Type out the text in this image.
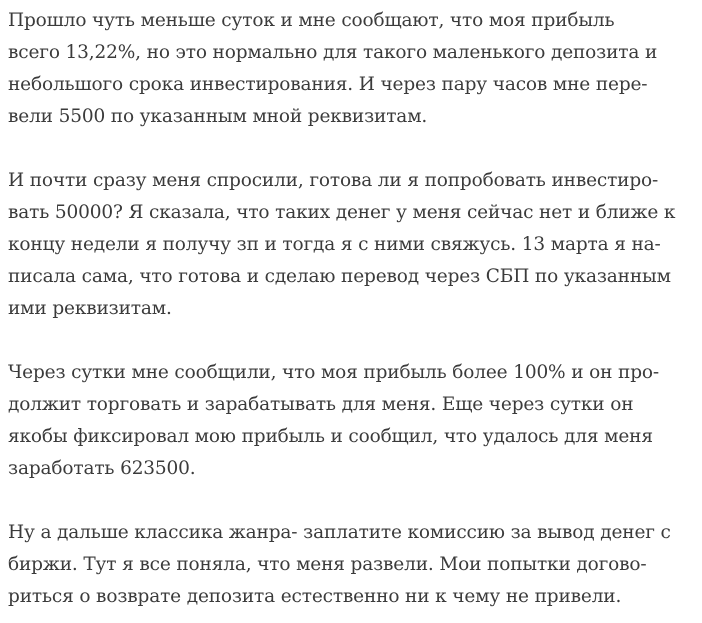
Прошло чуть меньше суток и мне сообщают, что моя прибыль
всего 13,22%, но это нормально для такого маленького депозита и
небольшого срока инвестирования. И через пару часов мне пере-
вели 5500 по указанным мной реквизитам.
И почти сразу меня спросили, готова ли я попробовать инвестиро-
вать 50000? Я сказала, что таких денег у меня сейчас нет и ближе к
концу недели я получу зп и тогда я с ними свяжусь. 13 марта я на-
писала сама, что готова и сделаю перевод через СБП по указанным
ими реквизитам.
Через сутки мне сообщили, что моя прибыль более 100% и он про-
должит торговать и зарабатывать для меня. Еще через сутки он
якобы фиксировал мою прибыль и сообщил, что удалось для меня
заработать 623500.
Ну а дальше классика жанра- заплатите комиссию за вывод денег с
биржи. Тут я все поняла, что меня развели. Мои попытки догово-
риться о возврате депозита естественно ни к чему не привели.
